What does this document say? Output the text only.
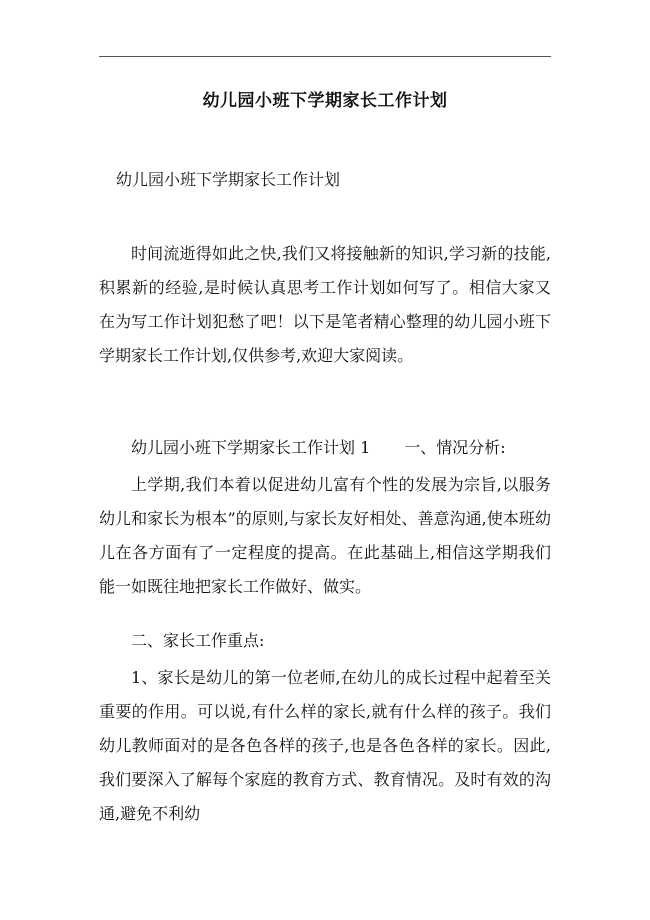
幼儿园小班下学期家长工作计划
幼儿园小班下学期家长工作计划

时间流逝得如此之快,我们又将接触新的知识,学习新的技能,积累新的经验,是时候认真思考工作计划如何写了。相信大家又在为写工作计划犯愁了吧！以下是笔者精心整理的幼儿园小班下学期家长工作计划,仅供参考,欢迎大家阅读。

幼儿园小班下学期家长工作计划 1 一、情况分析:

上学期,我们本着以促进幼儿富有个性的发展为宗旨,以服务幼儿和家长为根本”的原则,与家长友好相处、善意沟通,使本班幼儿在各方面有了一定程度的提高。在此基础上,相信这学期我们能一如既往地把家长工作做好、做实。

二、家长工作重点:

1、家长是幼儿的第一位老师,在幼儿的成长过程中起着至关重要的作用。可以说,有什么样的家长,就有什么样的孩子。我们幼儿教师面对的是各色各样的孩子,也是各色各样的家长。因此,我们要深入了解每个家庭的教育方式、教育情况。及时有效的沟通,避免不利幼
